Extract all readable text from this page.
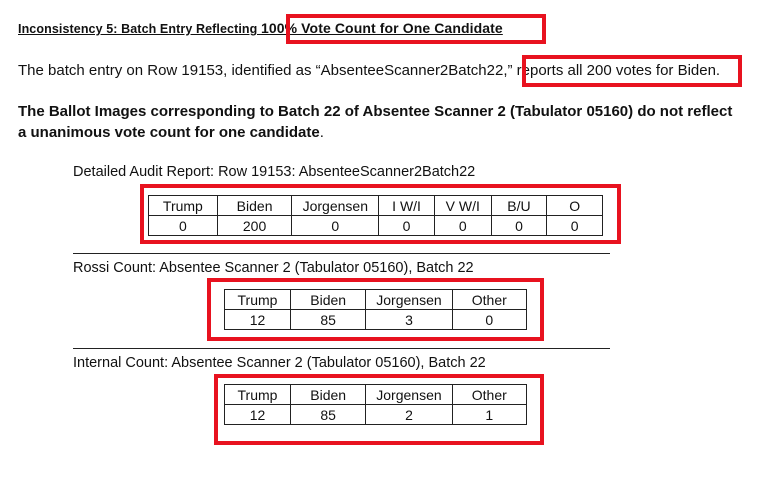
Inconsistency 5: Batch Entry Reflecting 100% Vote Count for One Candidate
The batch entry on Row 19153, identified as “AbsenteeScanner2Batch22,” reports all 200 votes for Biden.
The Ballot Images corresponding to Batch 22 of Absentee Scanner 2 (Tabulator 05160) do not reflect a unanimous vote count for one candidate.
Detailed Audit Report: Row 19153: AbsenteeScanner2Batch22
Trump	Biden	Jorgensen	I W/I	V W/I	B/U	O
0	200	0	0	0	0	0
Rossi Count: Absentee Scanner 2 (Tabulator 05160), Batch 22
Trump	Biden	Jorgensen	Other
12	85	3	0
Internal Count: Absentee Scanner 2 (Tabulator 05160), Batch 22
Trump	Biden	Jorgensen	Other
12	85	2	1
